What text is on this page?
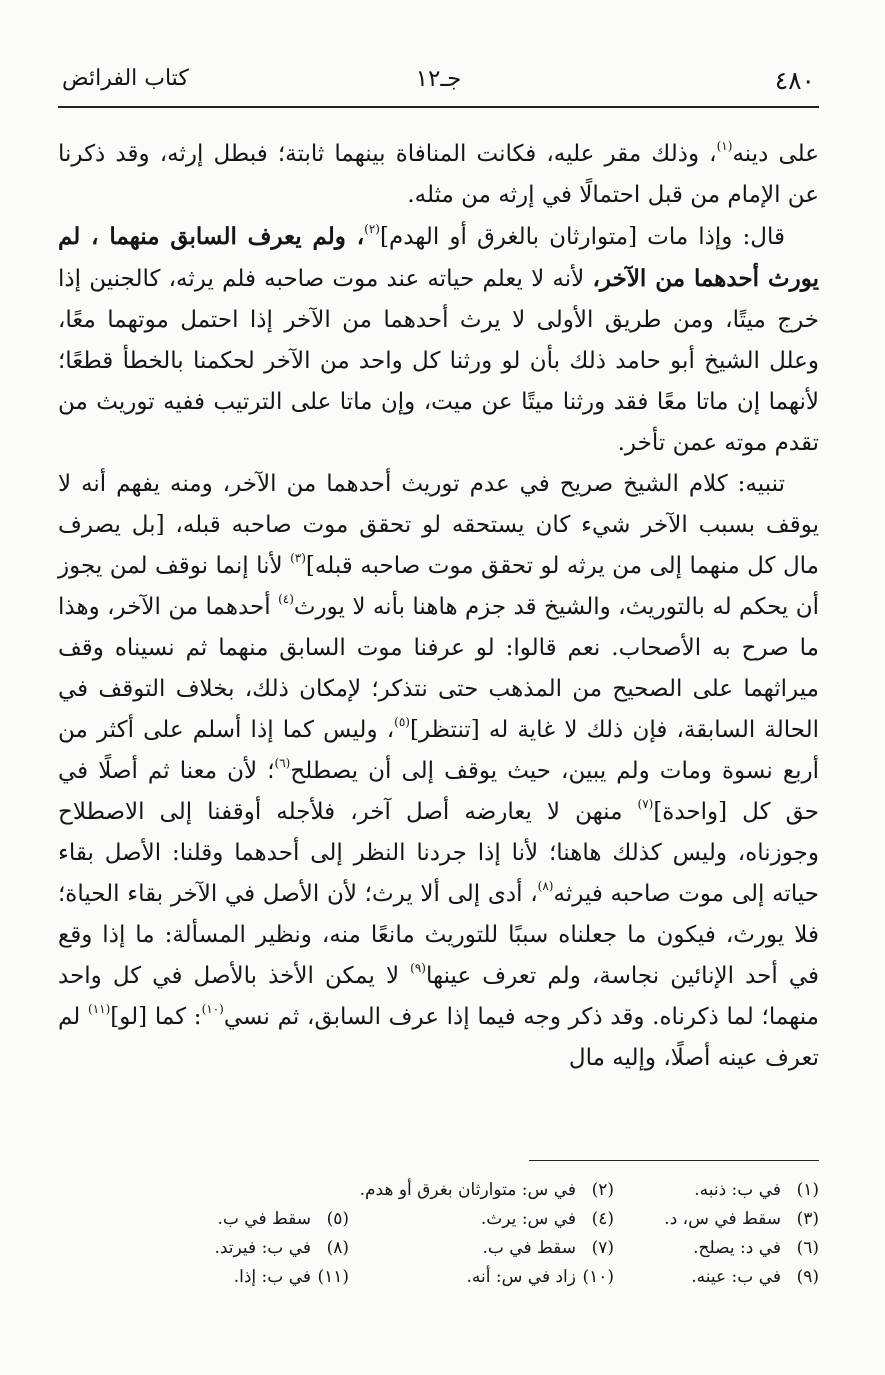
٤٨٠
جـ١٢
كتاب الفرائض

على دينه$^{(١)}$، وذلك مقر عليه، فكانت المنافاة بينهما ثابتة؛ فبطل إرثه، وقد ذكرنا عن الإمام من قبل احتمالًا في إرثه من مثله.

قال: وإذا مات [متوارثان بالغرق أو الهدم]$^{(٢)}$، ولم يعرف السابق منهما ، لم يورث أحدهما من الآخر، لأنه لا يعلم حياته عند موت صاحبه فلم يرثه، كالجنين إذا خرج ميتًا، ومن طريق الأولى لا يرث أحدهما من الآخر إذا احتمل موتهما معًا، وعلل الشيخ أبو حامد ذلك بأن لو ورثنا كل واحد من الآخر لحكمنا بالخطأ قطعًا؛ لأنهما إن ماتا معًا فقد ورثنا ميتًا عن ميت، وإن ماتا على الترتيب ففيه توريث من تقدم موته عمن تأخر.

تنبيه: كلام الشيخ صريح في عدم توريث أحدهما من الآخر، ومنه يفهم أنه لا يوقف بسبب الآخر شيء كان يستحقه لو تحقق موت صاحبه قبله، [بل يصرف مال كل منهما إلى من يرثه لو تحقق موت صاحبه قبله]$^{(٣)}$ لأنا إنما نوقف لمن يجوز أن يحكم له بالتوريث، والشيخ قد جزم هاهنا بأنه لا يورث$^{(٤)}$ أحدهما من الآخر، وهذا ما صرح به الأصحاب. نعم قالوا: لو عرفنا موت السابق منهما ثم نسيناه وقف ميراثهما على الصحيح من المذهب حتى نتذكر؛ لإمكان ذلك، بخلاف التوقف في الحالة السابقة، فإن ذلك لا غاية له [تنتظر]$^{(٥)}$، وليس كما إذا أسلم على أكثر من أربع نسوة ومات ولم يبين، حيث يوقف إلى أن يصطلح$^{(٦)}$؛ لأن معنا ثم أصلًا في حق كل [واحدة]$^{(٧)}$ منهن لا يعارضه أصل آخر، فلأجله أوقفنا إلى الاصطلاح وجوزناه، وليس كذلك هاهنا؛ لأنا إذا جردنا النظر إلى أحدهما وقلنا: الأصل بقاء حياته إلى موت صاحبه فيرثه$^{(٨)}$، أدى إلى ألا يرث؛ لأن الأصل في الآخر بقاء الحياة؛ فلا يورث، فيكون ما جعلناه سببًا للتوريث مانعًا منه، ونظير المسألة: ما إذا وقع في أحد الإنائين نجاسة، ولم تعرف عينها$^{(٩)}$ لا يمكن الأخذ بالأصل في كل واحد منهما؛ لما ذكرناه. وقد ذكر وجه فيما إذا عرف السابق، ثم نسي$^{(١٠)}$: كما [لو]$^{(١١)}$ لم تعرف عينه أصلًا، وإليه مال

(١)في ب: ذنبه.
(٢)في س: متوارثان بغرق أو هدم.
(٣)سقط في س، د.
(٤)في س: يرث.
(٥)سقط في ب.
(٦)في د: يصلح.
(٧)سقط في ب.
(٨)في ب: فيرتد.
(٩)في ب: عينه.
(١٠)زاد في س: أنه.
(١١)في ب: إذا.
